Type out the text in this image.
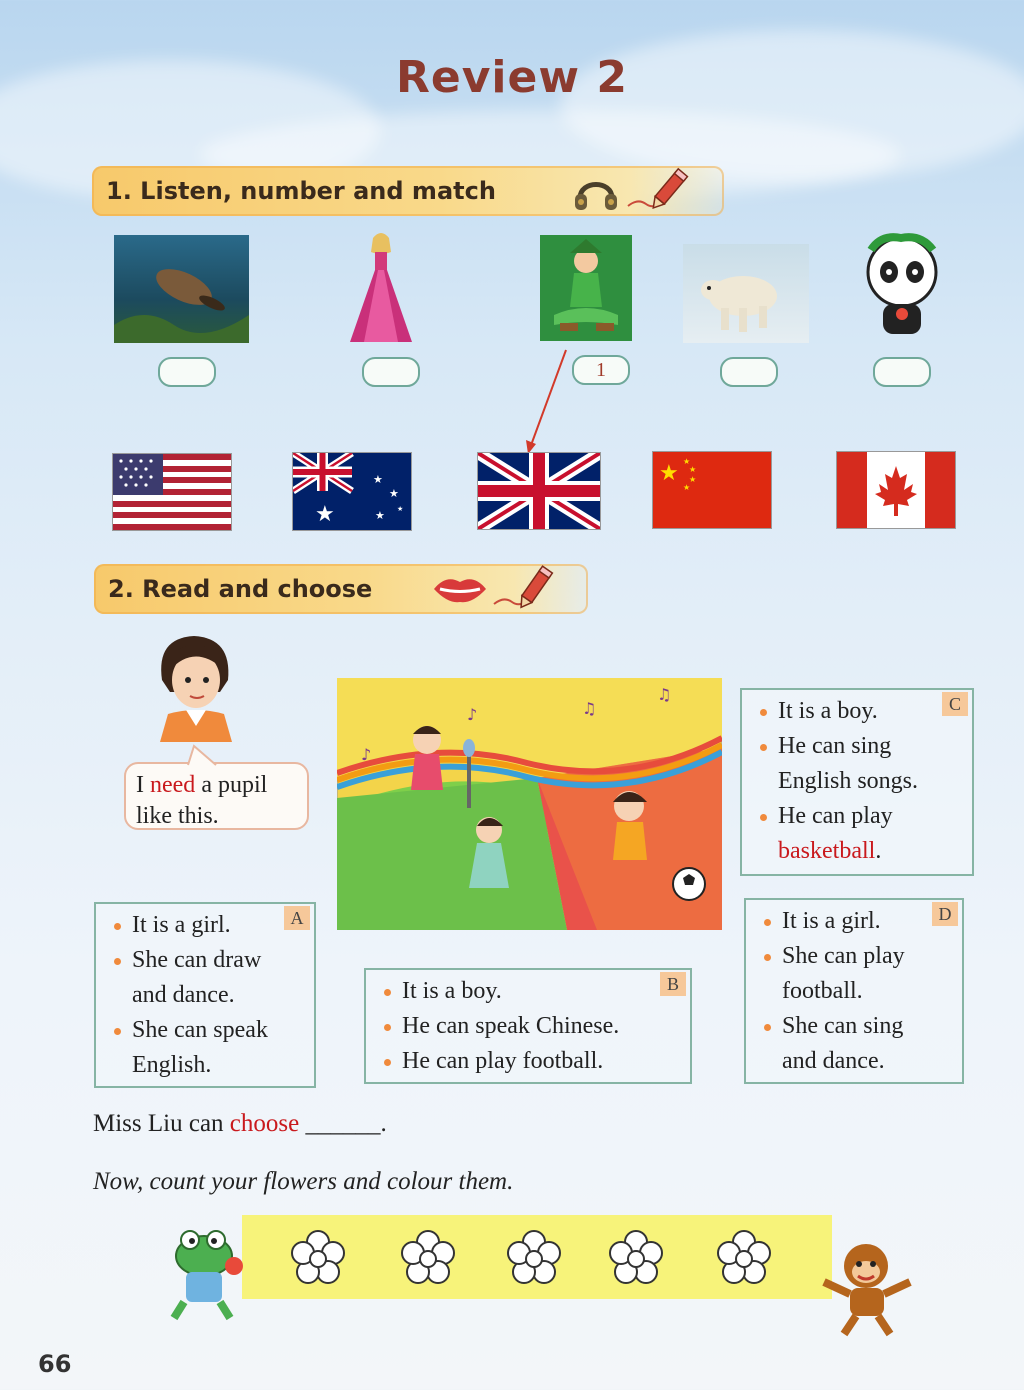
Review 2
1. Listen, number and match
1
★
★
★
★ ★
★ ★
★
★
★
2. Read and choose
I need a pupil like this.
♪	♫
♫
♪
A
It is a girl.
She can draw and dance.
She can speak English.
B
It is a boy.
He can speak Chinese.
He can play football.
C
It is a boy.
He can sing English songs.
He can play basketball.
D
It is a girl.
She can play football.
She can sing and dance.
Miss Liu can choose ______.
Now, count your flowers and colour them.
66
